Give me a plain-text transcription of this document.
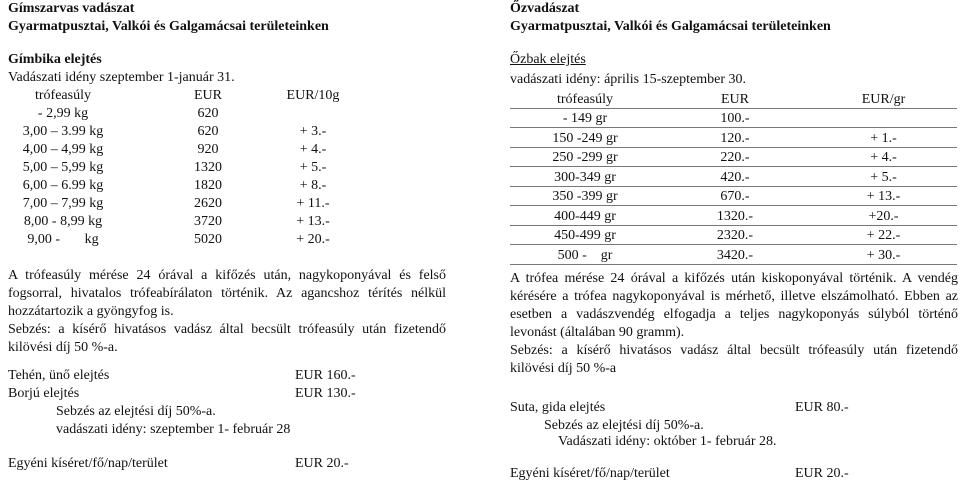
Gímszarvas vadászat
Gyarmatpusztai, Valkói és Galgamácsai területeinken
Gímbika elejtés
Vadászati idény szeptember 1-január 31.
trófeasúly	EUR	EUR/10g
- 2,99 kg	620
3,00 – 3.99 kg	620	+ 3.-
4,00 – 4,99 kg	920	+ 4.-
5,00 – 5,99 kg	1320	+ 5.-
6,00 – 6.99 kg	1820	+ 8.-
7,00 – 7,99 kg	2620	+ 11.-
8,00 - 8,99 kg	3720	+ 13.-
9,00 -       kg	5020	+ 20.-
A trófeasúly mérése 24 órával a kifőzés után, nagykoponyával és felső fogsorral, hivatalos trófeabírálaton történik. Az agancshoz térítés nélkül hozzátartozik a gyöngyfog is.
Sebzés: a kísérő hivatásos vadász által becsült trófeasúly után fizetendő kilövési díj 50 %-a.
Tehén, ünő elejtés	EUR 160.-
Borjú elejtés	EUR 130.-
Sebzés az elejtési díj 50%-a.
vadászati idény: szeptember 1- február 28
Egyéni kíséret/fő/nap/terület	EUR 20.-
Őzvadászat
Gyarmatpusztai, Valkói és Galgamácsai területeinken
Őzbak elejtés
vadászati idény: április 15-szeptember 30.
trófeasúly	EUR	EUR/gr
- 149 gr	100.-	
150 -249 gr	120.-	+ 1.-
250 -299 gr	220.-	+ 4.-
300-349 gr	420.-	+ 5.-
350 -399 gr	670.-	+ 13.-
400-449 gr	1320.-	+20.-
450-499 gr	2320.-	+ 22.-
500 -    gr	3420.-	+ 30.-
A trófea mérése 24 órával a kifőzés után kiskoponyával történik. A vendég kérésére a trófea nagykoponyával is mérhető, illetve elszámolható. Ebben az esetben a vadászvendég elfogadja a teljes nagykoponyás súlyból történő levonást (általában 90 gramm).
Sebzés: a kísérő hivatásos vadász által becsült trófeasúly után fizetendő kilövési díj 50 %-a
Suta, gida elejtés	EUR 80.-
Sebzés az elejtési díj 50%-a.
Vadászati idény: október 1- február 28.
Egyéni kíséret/fő/nap/terület	EUR 20.-
